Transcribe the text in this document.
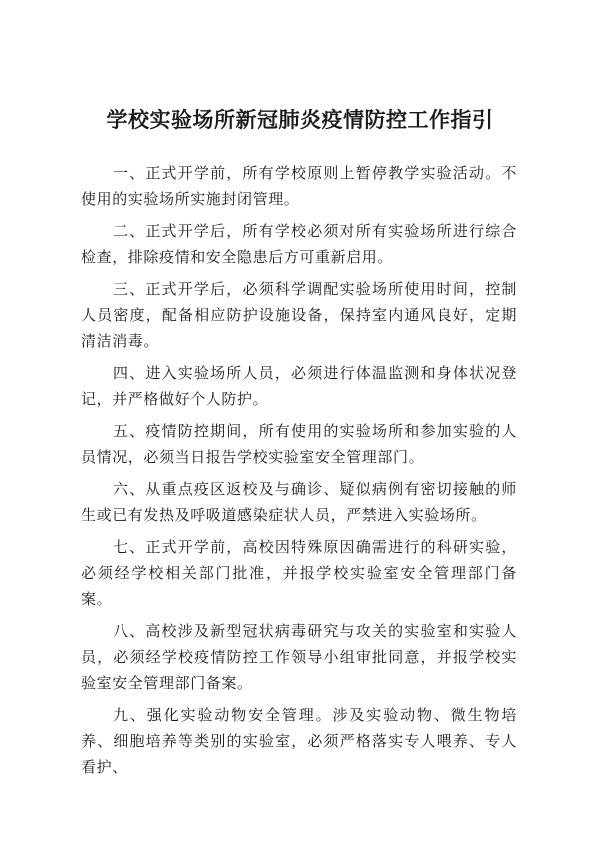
学校实验场所新冠肺炎疫情防控工作指引

一、正式开学前，所有学校原则上暂停教学实验活动。不使用的实验场所实施封闭管理。

二、正式开学后，所有学校必须对所有实验场所进行综合检查，排除疫情和安全隐患后方可重新启用。

三、正式开学后，必须科学调配实验场所使用时间，控制人员密度，配备相应防护设施设备，保持室内通风良好，定期清洁消毒。

四、进入实验场所人员，必须进行体温监测和身体状况登记，并严格做好个人防护。

五、疫情防控期间，所有使用的实验场所和参加实验的人员情况，必须当日报告学校实验室安全管理部门。

六、从重点疫区返校及与确诊、疑似病例有密切接触的师生或已有发热及呼吸道感染症状人员，严禁进入实验场所。

七、正式开学前，高校因特殊原因确需进行的科研实验，必须经学校相关部门批准，并报学校实验室安全管理部门备案。

八、高校涉及新型冠状病毒研究与攻关的实验室和实验人员，必须经学校疫情防控工作领导小组审批同意，并报学校实验室安全管理部门备案。

九、强化实验动物安全管理。涉及实验动物、微生物培养、细胞培养等类别的实验室，必须严格落实专人喂养、专人看护、
